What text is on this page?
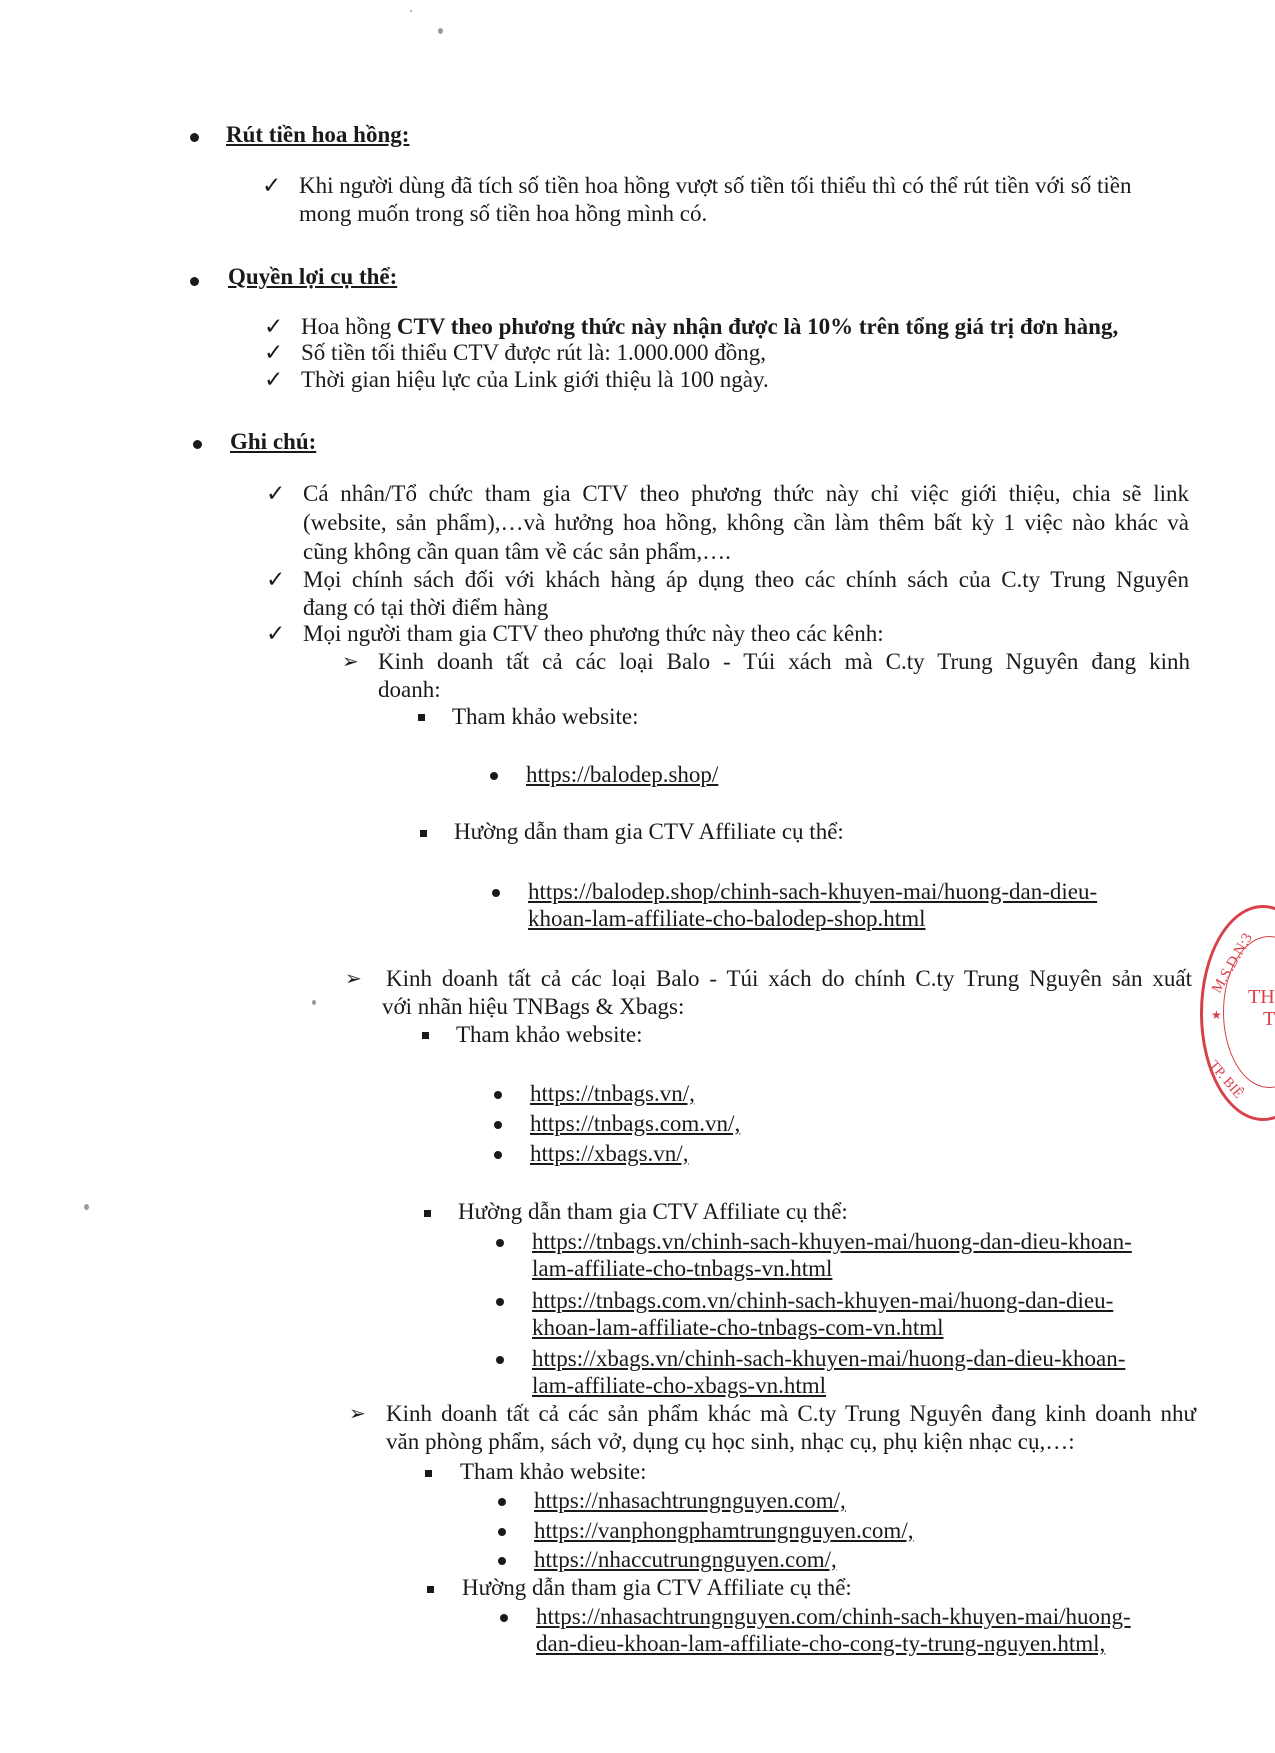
Rút tiền hoa hồng:
✓ Khi người dùng đã tích số tiền hoa hồng vượt số tiền tối thiểu thì có thể rút tiền với số tiền
mong muốn trong số tiền hoa hồng mình có.
Quyền lợi cụ thể:
✓ Hoa hồng CTV theo phương thức này nhận được là 10% trên tổng giá trị đơn hàng,
✓ Số tiền tối thiểu CTV được rút là: 1.000.000 đồng,
✓ Thời gian hiệu lực của Link giới thiệu là 100 ngày.
Ghi chú:
✓ Cá nhân/Tổ chức tham gia CTV theo phương thức này chỉ việc giới thiệu, chia sẽ link
(website, sản phẩm),…và hưởng hoa hồng, không cần làm thêm bất kỳ 1 việc nào khác và
cũng không cần quan tâm về các sản phẩm,….
✓ Mọi chính sách đối với khách hàng áp dụng theo các chính sách của C.ty Trung Nguyên
đang có tại thời điểm hàng
✓ Mọi người tham gia CTV theo phương thức này theo các kênh:
➢ Kinh doanh tất cả các loại Balo - Túi xách mà C.ty Trung Nguyên đang kinh
doanh:
Tham khảo website:
https://balodep.shop/
Hường dẫn tham gia CTV Affiliate cụ thể:
https://balodep.shop/chinh-sach-khuyen-mai/huong-dan-dieu-
khoan-lam-affiliate-cho-balodep-shop.html
➢ Kinh doanh tất cả các loại Balo - Túi xách do chính C.ty Trung Nguyên sản xuất
với nhãn hiệu TNBags & Xbags:
Tham khảo website:
https://tnbags.vn/,
https://tnbags.com.vn/,
https://xbags.vn/,
Hường dẫn tham gia CTV Affiliate cụ thể:
https://tnbags.vn/chinh-sach-khuyen-mai/huong-dan-dieu-khoan-
lam-affiliate-cho-tnbags-vn.html
https://tnbags.com.vn/chinh-sach-khuyen-mai/huong-dan-dieu-
khoan-lam-affiliate-cho-tnbags-com-vn.html
https://xbags.vn/chinh-sach-khuyen-mai/huong-dan-dieu-khoan-
lam-affiliate-cho-xbags-vn.html
➢ Kinh doanh tất cả các sản phẩm khác mà C.ty Trung Nguyên đang kinh doanh như
văn phòng phẩm, sách vở, dụng cụ học sinh, nhạc cụ, phụ kiện nhạc cụ,…:
Tham khảo website:
https://nhasachtrungnguyen.com/,
https://vanphongphamtrungnguyen.com/,
https://nhaccutrungnguyen.com/,
Hường dẫn tham gia CTV Affiliate cụ thể:
https://nhasachtrungnguyen.com/chinh-sach-khuyen-mai/huong-
dan-dieu-khoan-lam-affiliate-cho-cong-ty-trung-nguyen.html,
M.S.D.N:3
TH
T
TP. BIÊ
★
